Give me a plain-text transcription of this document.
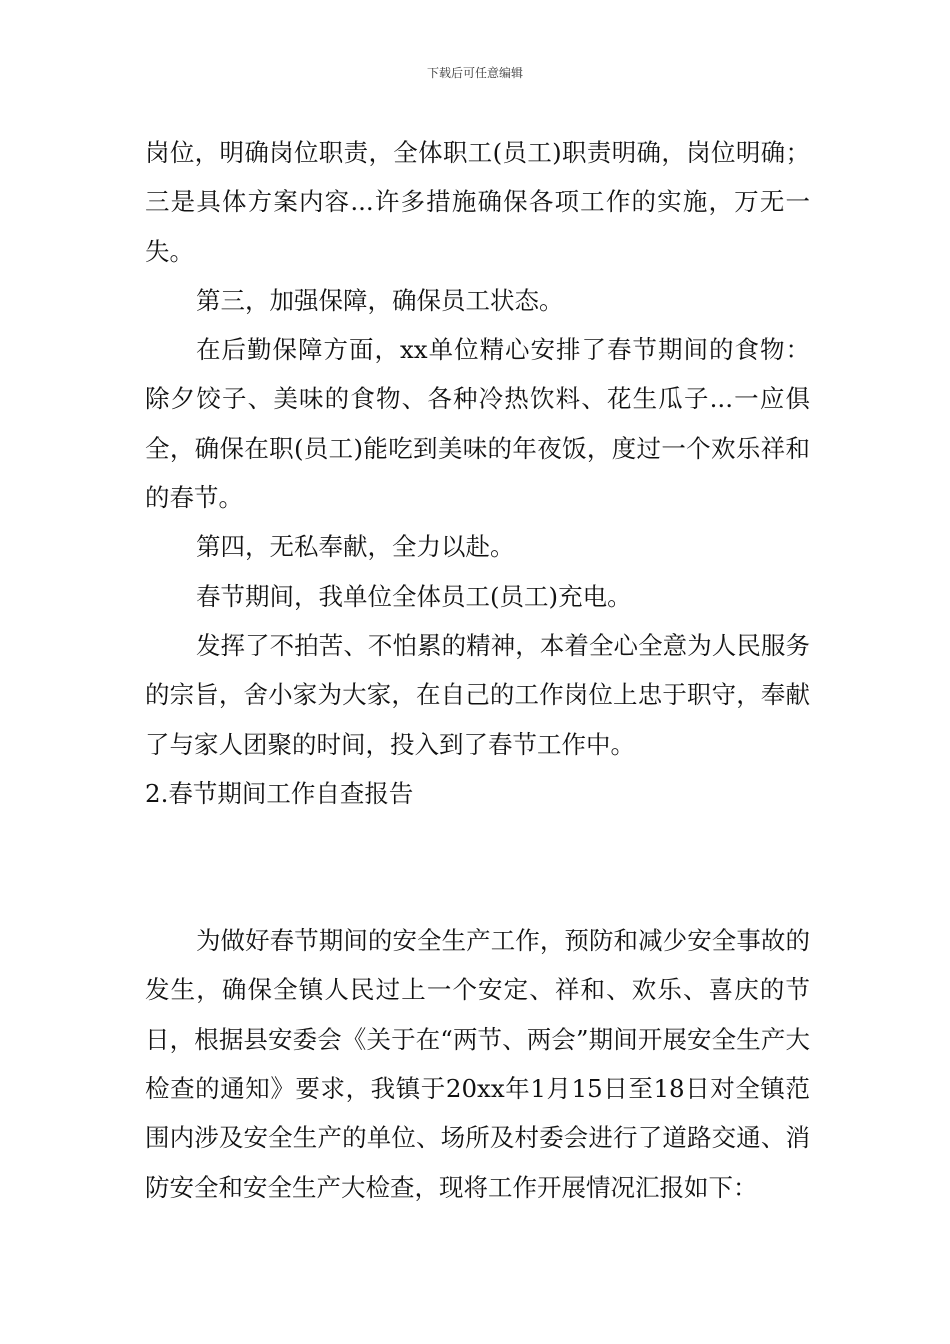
下载后可任意编辑

岗位，明确岗位职责，全体职工(员工)职责明确，岗位明确；三是具体方案内容...许多措施确保各项工作的实施，万无一失。

第三，加强保障，确保员工状态。

在后勤保障方面，xx单位精心安排了春节期间的食物：除夕饺子、美味的食物、各种冷热饮料、花生瓜子...一应俱全，确保在职(员工)能吃到美味的年夜饭，度过一个欢乐祥和的春节。

第四，无私奉献，全力以赴。

春节期间，我单位全体员工(员工)充电。

发挥了不拍苦、不怕累的精神，本着全心全意为人民服务的宗旨，舍小家为大家，在自己的工作岗位上忠于职守，奉献了与家人团聚的时间，投入到了春节工作中。

2.春节期间工作自查报告

为做好春节期间的安全生产工作，预防和减少安全事故的发生，确保全镇人民过上一个安定、祥和、欢乐、喜庆的节日，根据县安委会《关于在“两节、两会”期间开展安全生产大检查的通知》要求，我镇于20xx年1月15日至18日对全镇范围内涉及安全生产的单位、场所及村委会进行了道路交通、消防安全和安全生产大检查，现将工作开展情况汇报如下：
